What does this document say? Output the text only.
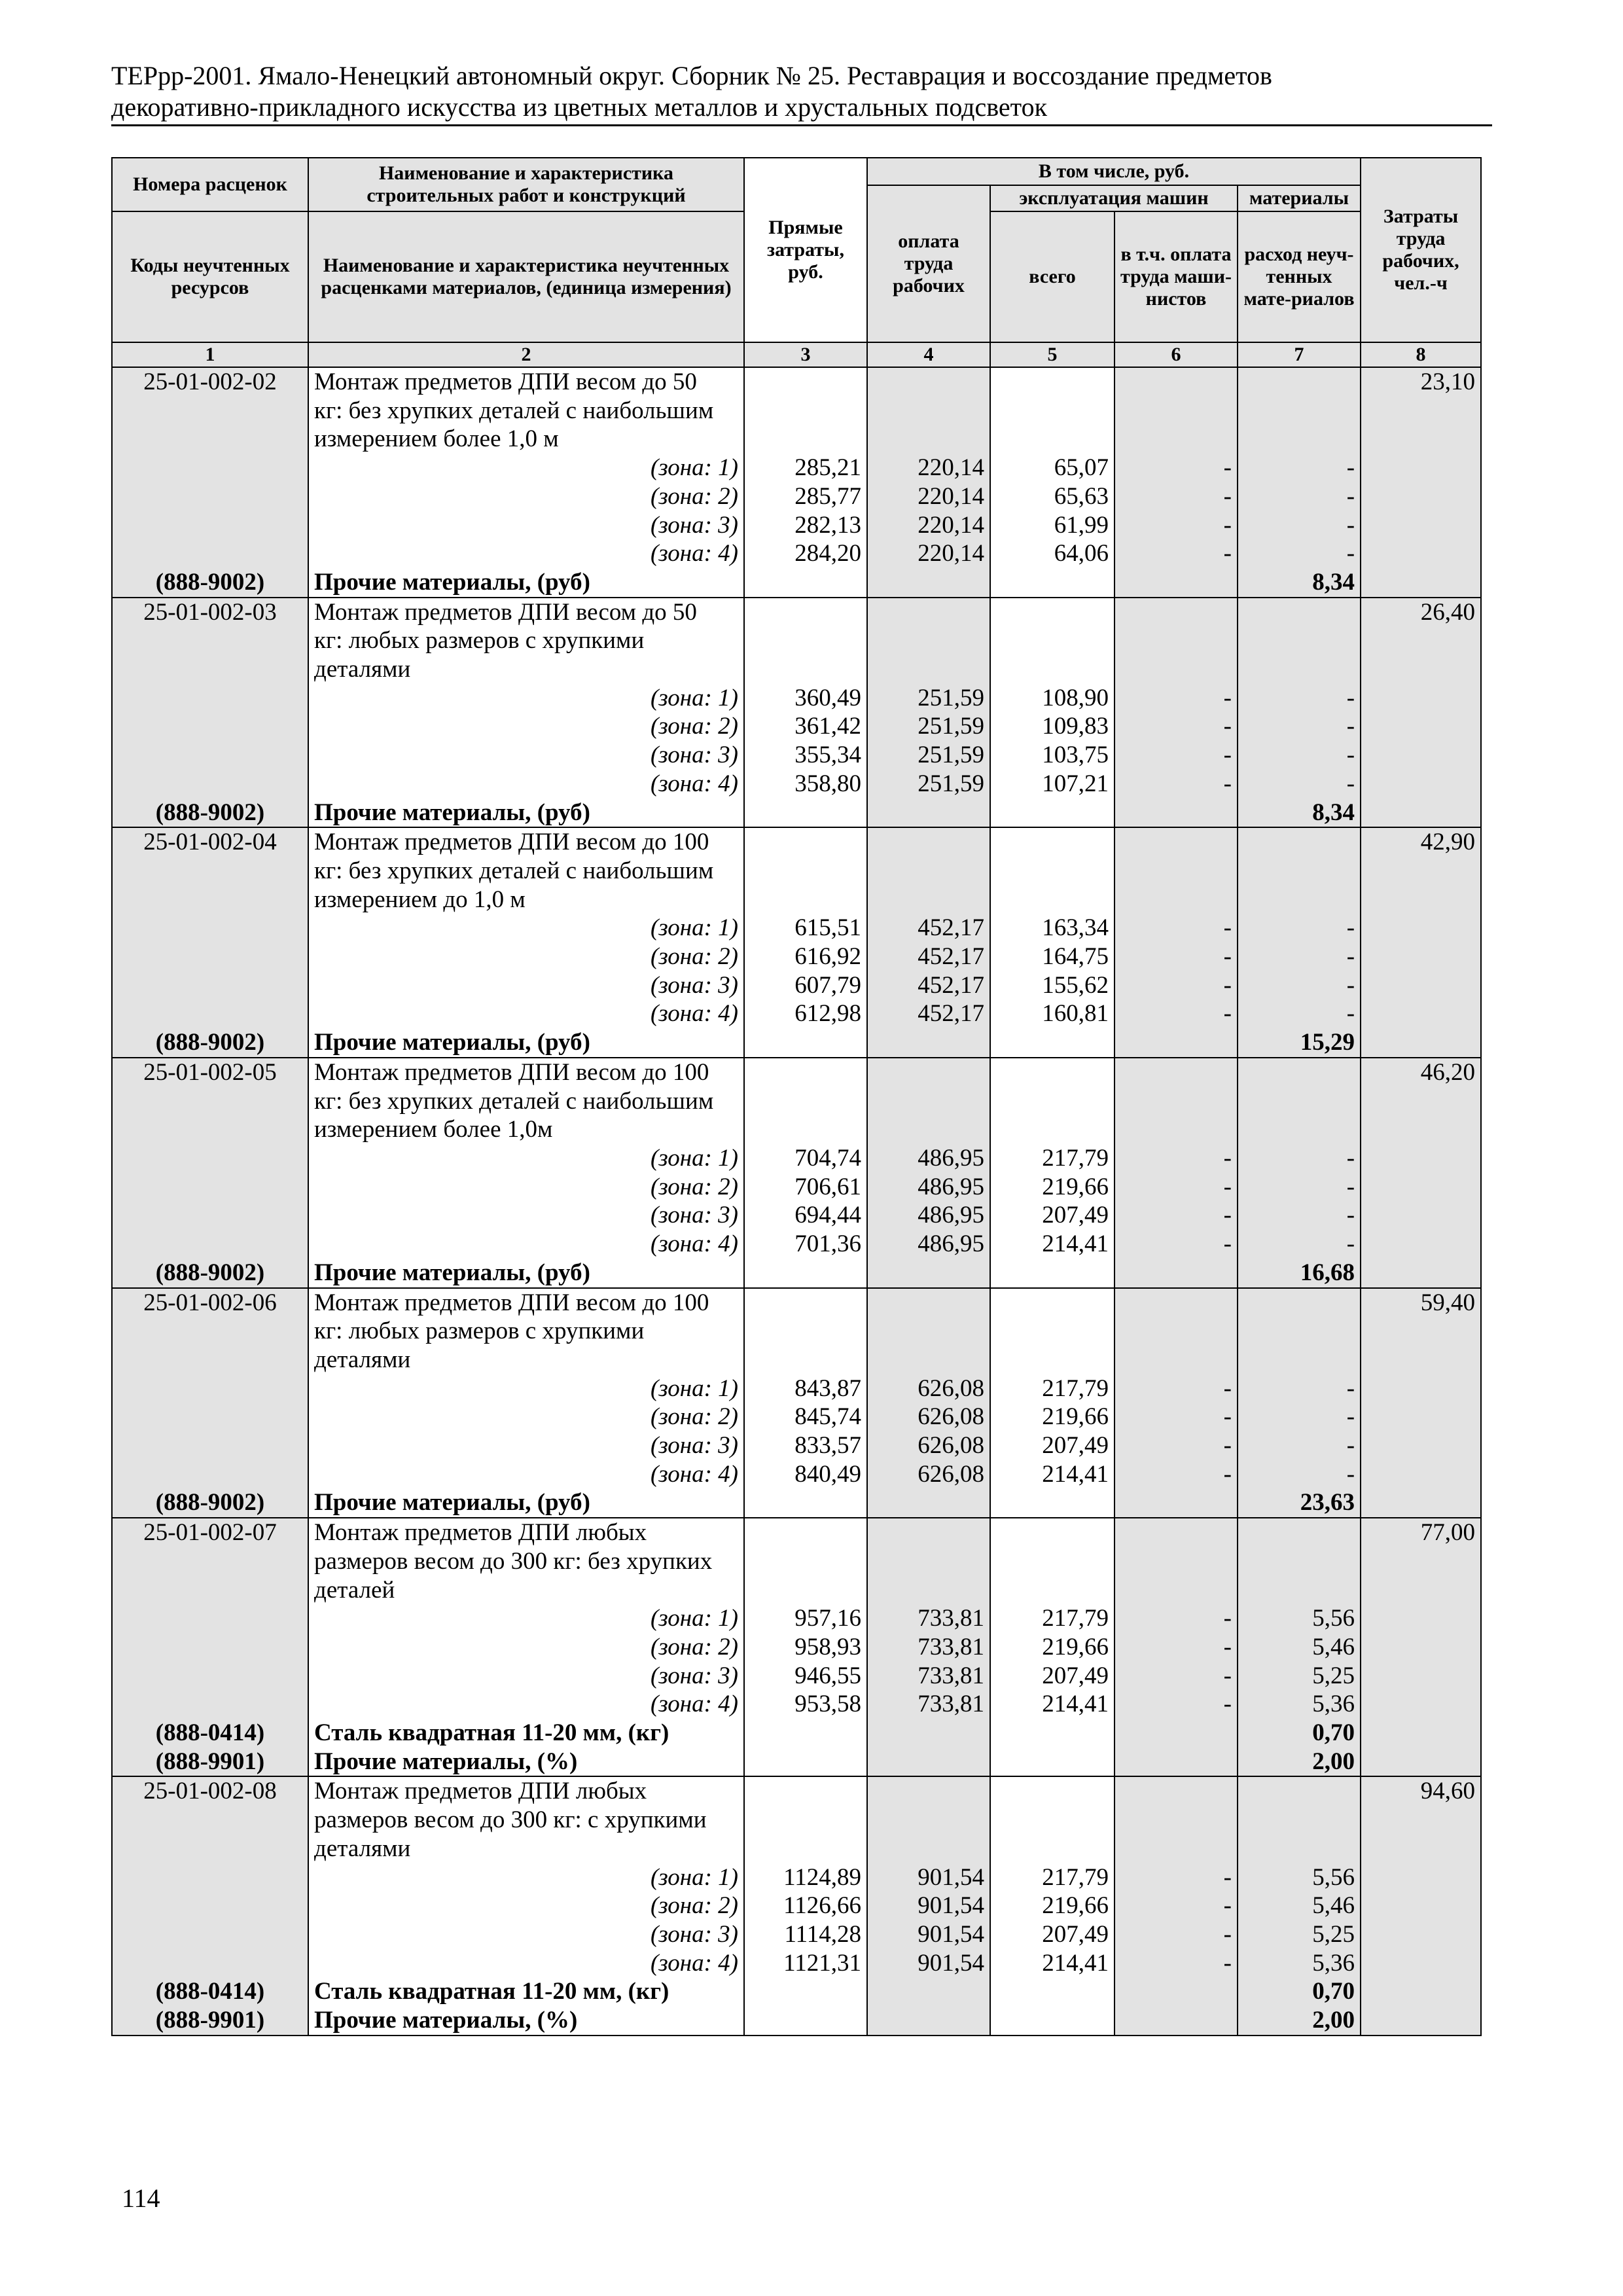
ТЕРрр-2001. Ямало-Ненецкий автономный округ. Сборник № 25. Реставрация и воссоздание предметов
декоративно-прикладного искусства из цветных металлов и хрустальных подсветок
Номера расценок	Наименование и характеристика строительных работ и конструкций	Прямые затраты, руб.	В том числе, руб.				Затраты труда рабочих, чел.-ч
			оплата труда рабочих	эксплуатация машин		материалы	
Коды неучтенных ресурсов	Наименование и характеристика неучтенных расценками материалов, (единица измерения)			всего	в т.ч. оплата труда маши-нистов	расход неуч-тенных мате-риалов	
1	2	3	4	5	6	7	8
25-01-002-02	Монтаж предметов ДПИ весом до 50						23,10
	кг: без хрупких деталей с наибольшим						
	измерением более 1,0 м						
	(зона: 1)	285,21	220,14	65,07	-	-	
	(зона: 2)	285,77	220,14	65,63	-	-	
	(зона: 3)	282,13	220,14	61,99	-	-	
	(зона: 4)	284,20	220,14	64,06	-	-	
(888-9002)	Прочие материалы, (руб)					8,34	
25-01-002-03	Монтаж предметов ДПИ весом до 50						26,40
	кг: любых размеров с хрупкими						
	деталями						
	(зона: 1)	360,49	251,59	108,90	-	-	
	(зона: 2)	361,42	251,59	109,83	-	-	
	(зона: 3)	355,34	251,59	103,75	-	-	
	(зона: 4)	358,80	251,59	107,21	-	-	
(888-9002)	Прочие материалы, (руб)					8,34	
25-01-002-04	Монтаж предметов ДПИ весом до 100						42,90
	кг: без хрупких деталей с наибольшим						
	измерением до 1,0 м						
	(зона: 1)	615,51	452,17	163,34	-	-	
	(зона: 2)	616,92	452,17	164,75	-	-	
	(зона: 3)	607,79	452,17	155,62	-	-	
	(зона: 4)	612,98	452,17	160,81	-	-	
(888-9002)	Прочие материалы, (руб)					15,29	
25-01-002-05	Монтаж предметов ДПИ весом до 100						46,20
	кг: без хрупких деталей с наибольшим						
	измерением более 1,0м						
	(зона: 1)	704,74	486,95	217,79	-	-	
	(зона: 2)	706,61	486,95	219,66	-	-	
	(зона: 3)	694,44	486,95	207,49	-	-	
	(зона: 4)	701,36	486,95	214,41	-	-	
(888-9002)	Прочие материалы, (руб)					16,68	
25-01-002-06	Монтаж предметов ДПИ весом до 100						59,40
	кг: любых размеров с хрупкими						
	деталями						
	(зона: 1)	843,87	626,08	217,79	-	-	
	(зона: 2)	845,74	626,08	219,66	-	-	
	(зона: 3)	833,57	626,08	207,49	-	-	
	(зона: 4)	840,49	626,08	214,41	-	-	
(888-9002)	Прочие материалы, (руб)					23,63	
25-01-002-07	Монтаж предметов ДПИ любых						77,00
	размеров весом до 300 кг: без хрупких						
	деталей						
	(зона: 1)	957,16	733,81	217,79	-	5,56	
	(зона: 2)	958,93	733,81	219,66	-	5,46	
	(зона: 3)	946,55	733,81	207,49	-	5,25	
	(зона: 4)	953,58	733,81	214,41	-	5,36	
(888-0414)	Сталь квадратная 11-20 мм, (кг)					0,70	
(888-9901)	Прочие материалы, (%)					2,00	
25-01-002-08	Монтаж предметов ДПИ любых						94,60
	размеров весом до 300 кг: с хрупкими						
	деталями						
	(зона: 1)	1124,89	901,54	217,79	-	5,56	
	(зона: 2)	1126,66	901,54	219,66	-	5,46	
	(зона: 3)	1114,28	901,54	207,49	-	5,25	
	(зона: 4)	1121,31	901,54	214,41	-	5,36	
(888-0414)	Сталь квадратная 11-20 мм, (кг)					0,70	
(888-9901)	Прочие материалы, (%)					2,00	
114
